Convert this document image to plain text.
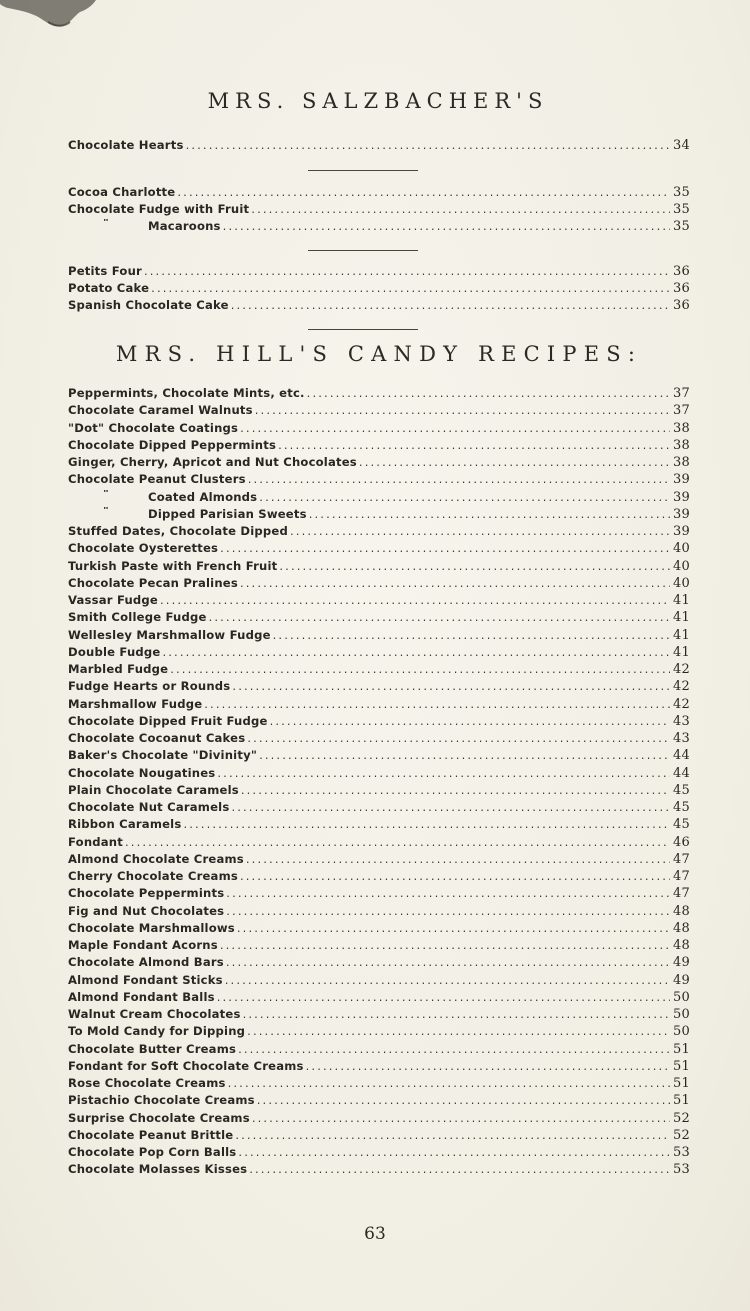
MRS. SALZBACHER'S
Chocolate Hearts .....	34
Cocoa Charlotte .....	35
Chocolate Fudge with Fruit .....	35
"	Macaroons .....	35
Petits Four .....	36
Potato Cake .....	36
Spanish Chocolate Cake .....	36
MRS. HILL'S CANDY RECIPES:
Peppermints, Chocolate Mints, etc. .....	37
Chocolate Caramel Walnuts .....	37
"Dot" Chocolate Coatings .....	38
Chocolate Dipped Peppermints .....	38
Ginger, Cherry, Apricot and Nut Chocolates .....	38
Chocolate Peanut Clusters .....	39
"	Coated Almonds .....	39
"	Dipped Parisian Sweets .....	39
Stuffed Dates, Chocolate Dipped .....	39
Chocolate Oysterettes .....	40
Turkish Paste with French Fruit .....	40
Chocolate Pecan Pralines .....	40
Vassar Fudge .....	41
Smith College Fudge .....	41
Wellesley Marshmallow Fudge .....	41
Double Fudge .....	41
Marbled Fudge .....	42
Fudge Hearts or Rounds .....	42
Marshmallow Fudge .....	42
Chocolate Dipped Fruit Fudge .....	43
Chocolate Cocoanut Cakes .....	43
Baker's Chocolate "Divinity" .....	44
Chocolate Nougatines .....	44
Plain Chocolate Caramels .....	45
Chocolate Nut Caramels .....	45
Ribbon Caramels .....	45
Fondant .....	46
Almond Chocolate Creams .....	47
Cherry Chocolate Creams .....	47
Chocolate Peppermints .....	47
Fig and Nut Chocolates .....	48
Chocolate Marshmallows .....	48
Maple Fondant Acorns .....	48
Chocolate Almond Bars .....	49
Almond Fondant Sticks .....	49
Almond Fondant Balls .....	50
Walnut Cream Chocolates .....	50
To Mold Candy for Dipping .....	50
Chocolate Butter Creams .....	51
Fondant for Soft Chocolate Creams .....	51
Rose Chocolate Creams .....	51
Pistachio Chocolate Creams .....	51
Surprise Chocolate Creams .....	52
Chocolate Peanut Brittle .....	52
Chocolate Pop Corn Balls .....	53
Chocolate Molasses Kisses .....	53
63
